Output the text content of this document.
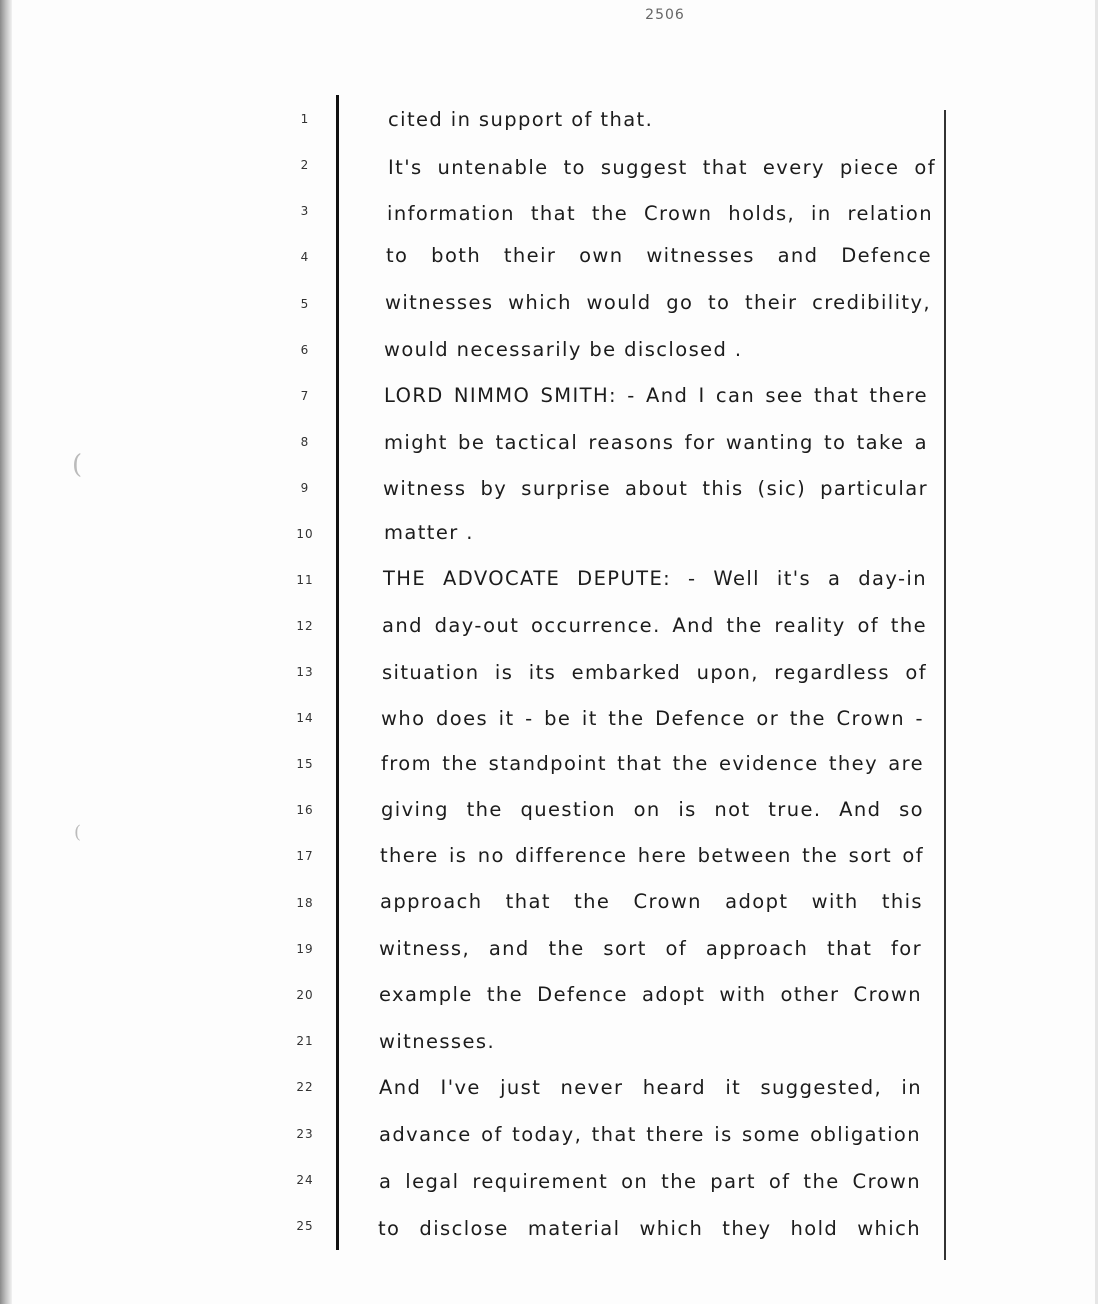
2506
(
(
1
2
3
4
5
6
7
8
9
10
11
12
13
14
15
16
17
18
19
20
21
22
23
24
25
cited in support of that.
It's untenable to suggest that every piece of
information that the Crown holds, in relation
to both their own witnesses and Defence
witnesses which would go to their credibility,
would necessarily be disclosed .
LORD NIMMO SMITH: - And I can see that there
might be tactical reasons for wanting to take a
witness by surprise about this (sic) particular
matter .
THE ADVOCATE DEPUTE: - Well it's a day-in
and day-out occurrence. And the reality of the
situation is its embarked upon, regardless of
who does it - be it the Defence or the Crown -
from the standpoint that the evidence they are
giving the question on is not true. And so
there is no difference here between the sort of
approach that the Crown adopt with this
witness, and the sort of approach that for
example the Defence adopt with other Crown
witnesses.
And I've just never heard it suggested, in
advance of today, that there is some obligation
a legal requirement on the part of the Crown
to disclose material which they hold which
